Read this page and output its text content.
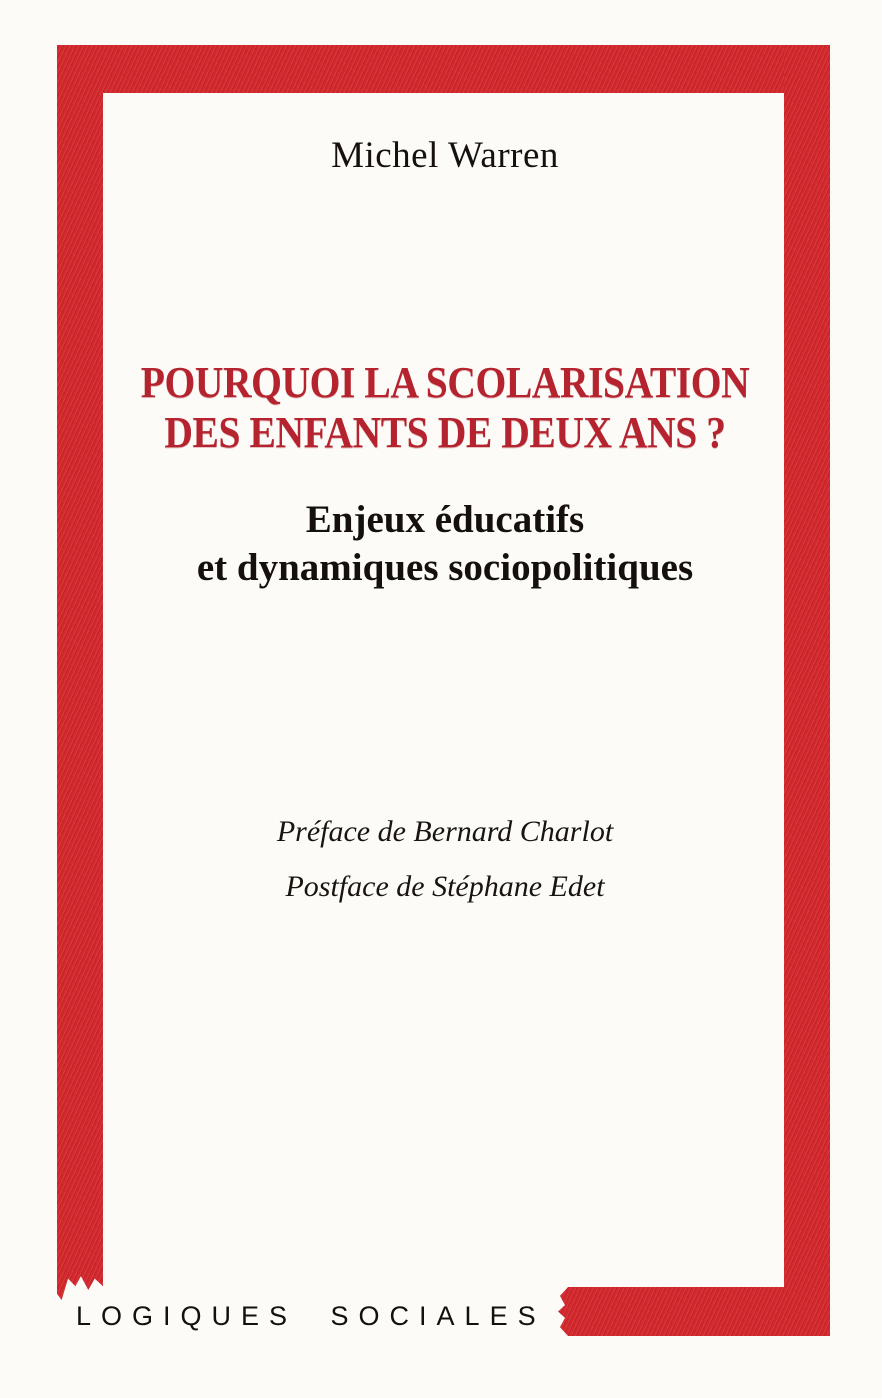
Michel Warren
POURQUOI LA SCOLARISATION
DES ENFANTS DE DEUX ANS ?
Enjeux éducatifs
et dynamiques sociopolitiques
Préface de Bernard Charlot
Postface de Stéphane Edet
LOGIQUES SOCIALES
